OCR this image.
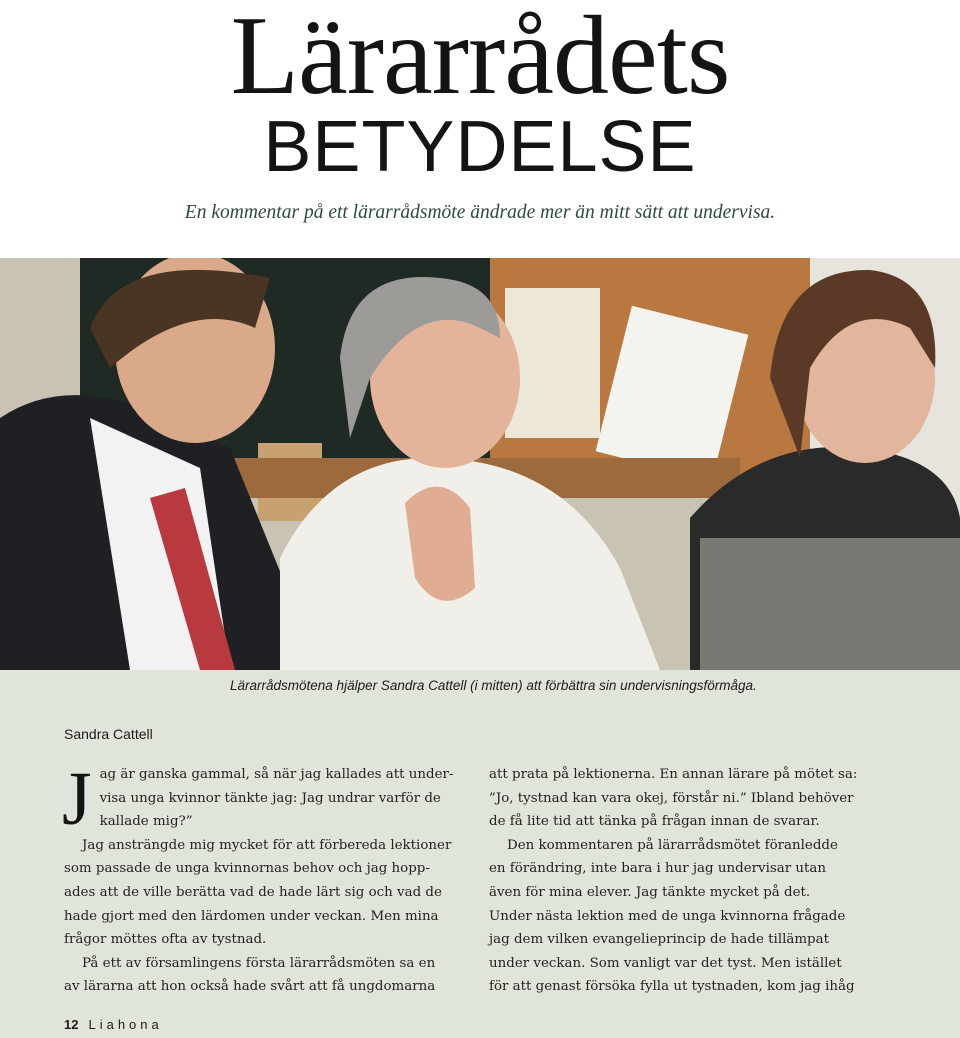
Lärarrådets
BETYDELSE
En kommentar på ett lärarrådsmöte ändrade mer än mitt sätt att undervisa.
Lärarrådsmötena hjälper Sandra Cattell (i mitten) att förbättra sin undervisningsförmåga.
Sandra Cattell

J ag är ganska gammal, så när jag kallades att under-
visa unga kvinnor tänkte jag: Jag undrar varför de
kallade mig?”

Jag ansträngde mig mycket för att förbereda lektioner
som passade de unga kvinnornas behov och jag hopp-
ades att de ville berätta vad de hade lärt sig och vad de
hade gjort med den lärdomen under veckan. Men mina
frågor möttes ofta av tystnad.

På ett av församlingens första lärarrådsmöten sa en
av lärarna att hon också hade svårt att få ungdomarna

att prata på lektionerna. En annan lärare på mötet sa:
”Jo, tystnad kan vara okej, förstår ni.” Ibland behöver
de få lite tid att tänka på frågan innan de svarar.

Den kommentaren på lärarrådsmötet föranledde
en förändring, inte bara i hur jag undervisar utan
även för mina elever. Jag tänkte mycket på det.
Under nästa lektion med de unga kvinnorna frågade
jag dem vilken evangelieprincip de hade tillämpat
under veckan. Som vanligt var det tyst. Men istället
för att genast försöka fylla ut tystnaden, kom jag ihåg

12 Liahona
